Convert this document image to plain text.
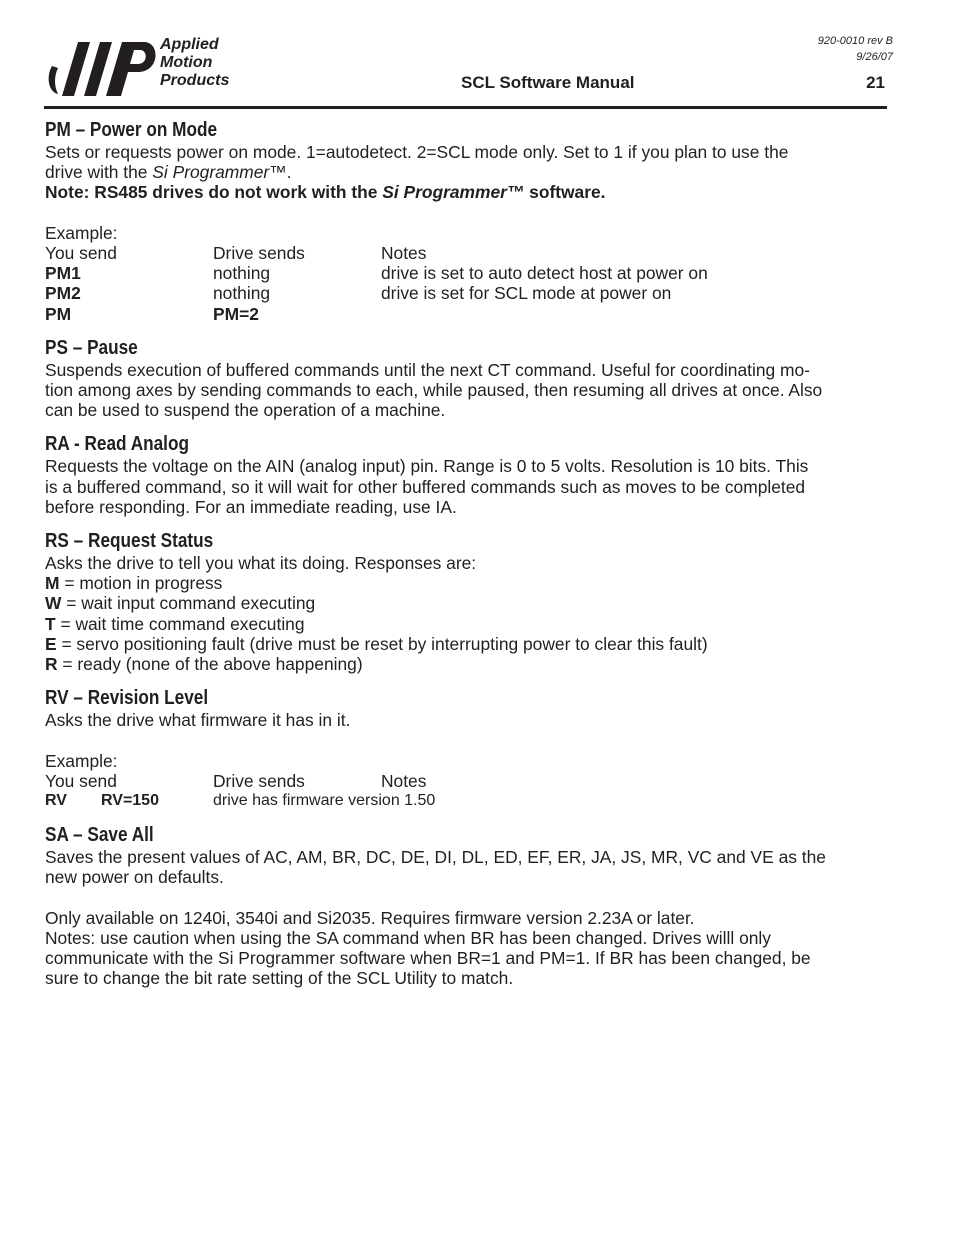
Applied
Motion
Products
920-0010 rev B
9/26/07
SCL Software Manual	21
PM – Power on Mode

Sets or requests power on mode. 1=autodetect. 2=SCL mode only. Set to 1 if you plan to use the

drive with the Si Programmer™.

Note: RS485 drives do not work with the Si Programmer™ software.

Example:

You send	Drive sends	Notes
PM1	nothing	drive is set to auto detect host at power on
PM2	nothing	drive is set for SCL mode at power on
PM	PM=2
PS – Pause

Suspends execution of buffered commands until the next CT command. Useful for coordinating mo-

tion among axes by sending commands to each, while paused, then resuming all drives at once. Also

can be used to suspend the operation of a machine.

RA - Read Analog

Requests the voltage on the AIN (analog input) pin. Range is 0 to 5 volts. Resolution is 10 bits. This

is a buffered command, so it will wait for other buffered commands such as moves to be completed

before responding. For an immediate reading, use IA.

RS – Request Status

Asks the drive to tell you what its doing. Responses are:

M = motion in progress

W = wait input command executing

T = wait time command executing

E = servo positioning fault (drive must be reset by interrupting power to clear this fault)

R = ready (none of the above happening)

RV – Revision Level

Asks the drive what firmware it has in it.

Example:

You send	Drive sends	Notes
RV	RV=150	drive has firmware version 1.50
SA – Save All

Saves the present values of AC, AM, BR, DC, DE, DI, DL, ED, EF, ER, JA, JS, MR, VC and VE as the

new power on defaults.

Only available on 1240i, 3540i and Si2035. Requires firmware version 2.23A or later.

Notes: use caution when using the SA command when BR has been changed. Drives willl only

communicate with the Si Programmer software when BR=1 and PM=1. If BR has been changed, be

sure to change the bit rate setting of the SCL Utility to match.
